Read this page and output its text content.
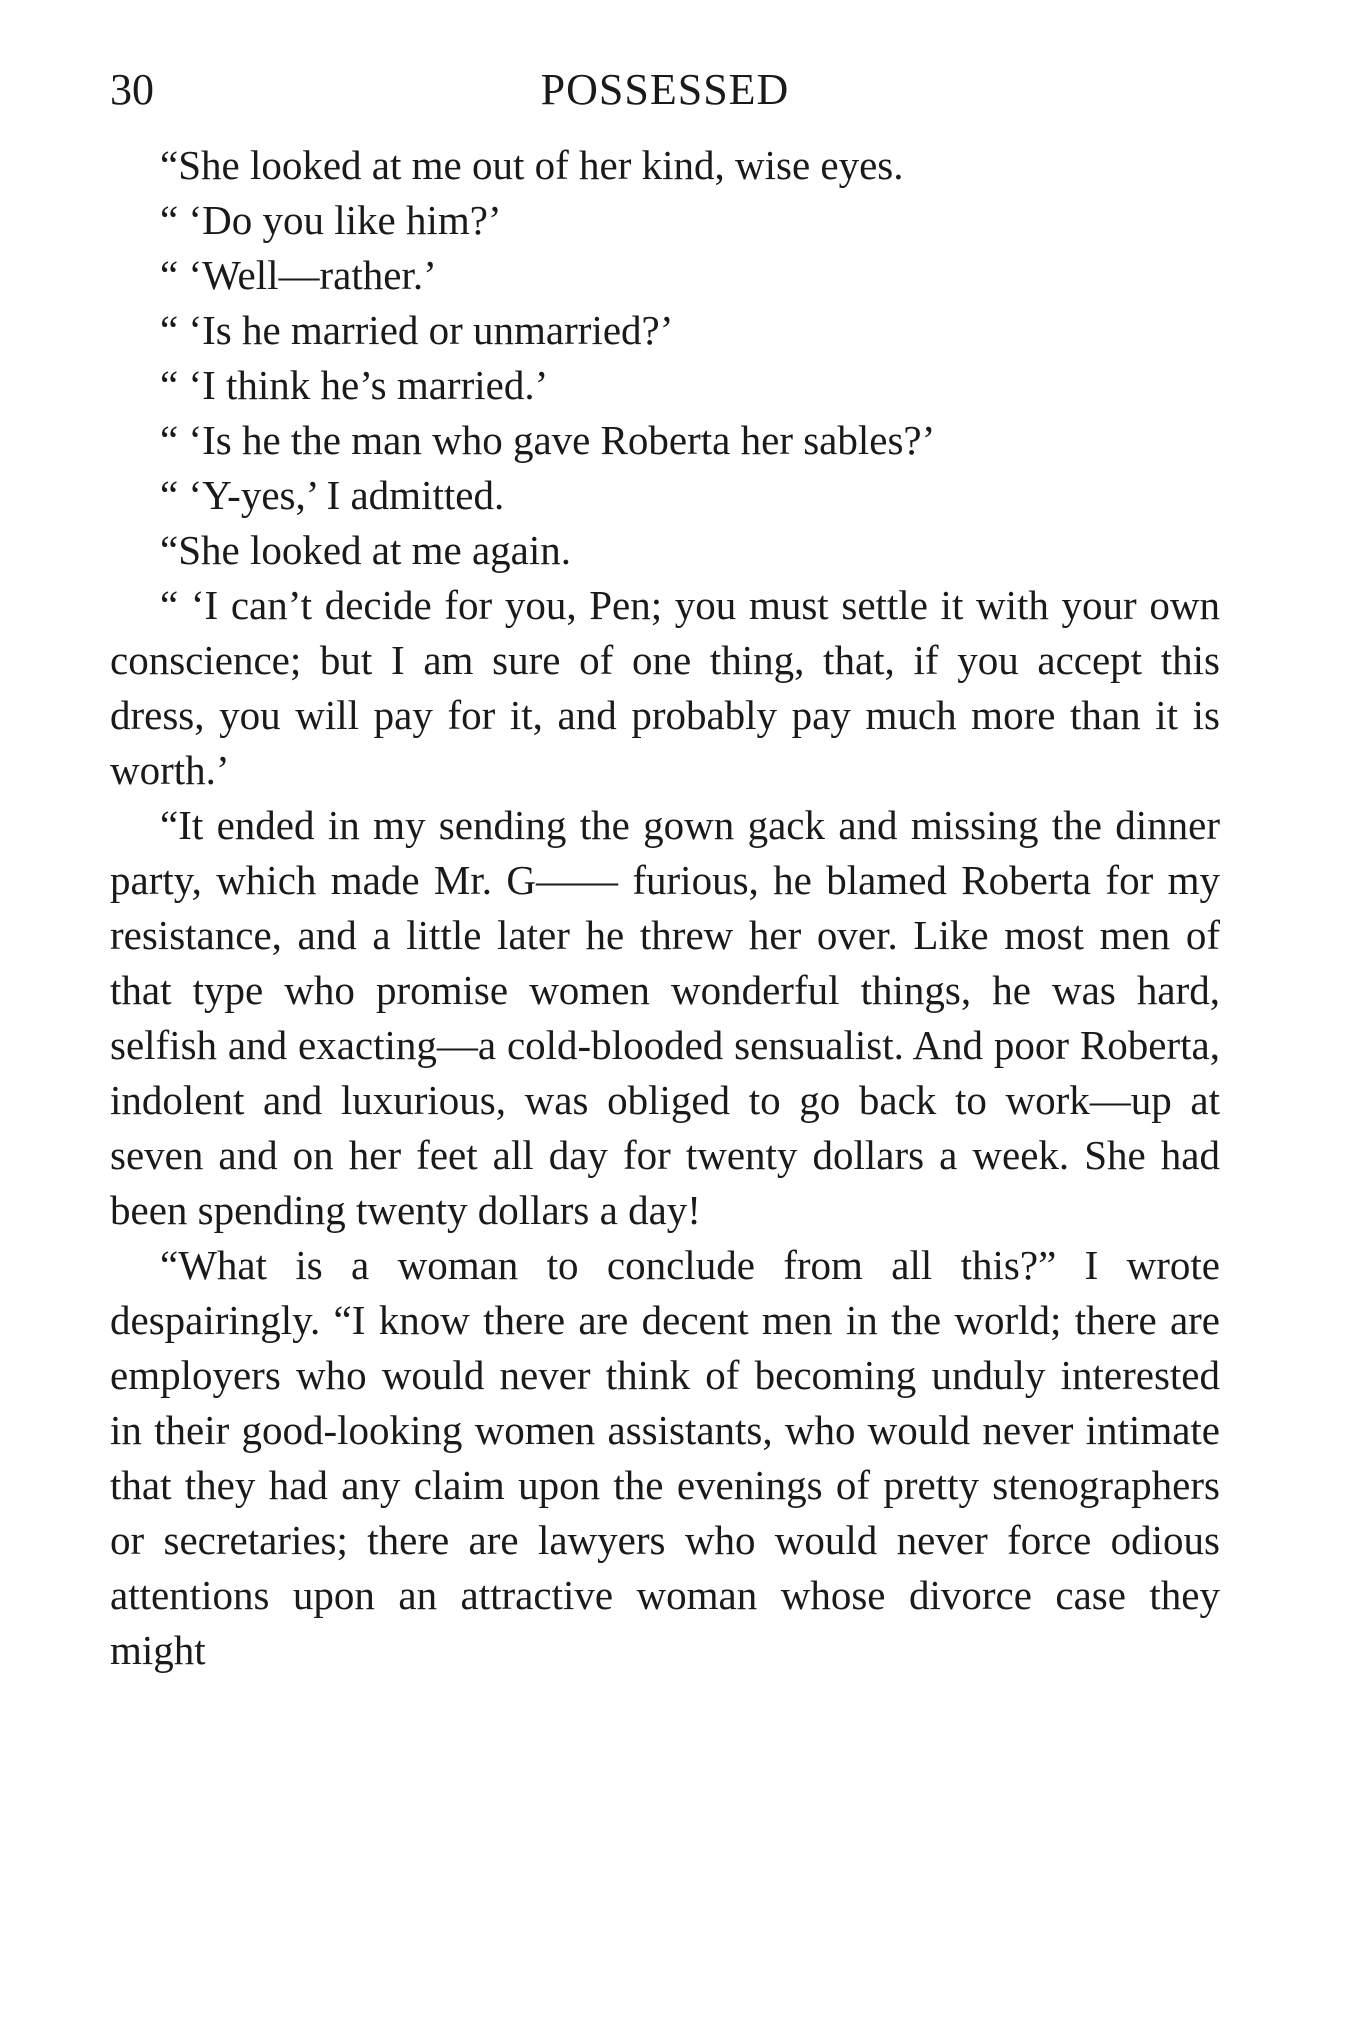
30	POSSESSED

“She looked at me out of her kind, wise eyes.

“ ‘Do you like him?’

“ ‘Well—rather.’

“ ‘Is he married or unmarried?’

“ ‘I think he’s married.’

“ ‘Is he the man who gave Roberta her sables?’

“ ‘Y-yes,’ I admitted.

“She looked at me again.

“ ‘I can’t decide for you, Pen; you must settle it with your own conscience; but I am sure of one thing, that, if you accept this dress, you will pay for it, and probably pay much more than it is worth.’

“It ended in my sending the gown gack and missing the dinner party, which made Mr. G—— furious, he blamed Roberta for my resistance, and a little later he threw her over. Like most men of that type who promise women wonderful things, he was hard, selfish and exacting—a cold-blooded sensualist. And poor Roberta, indolent and luxurious, was obliged to go back to work—up at seven and on her feet all day for twenty dollars a week. She had been spending twenty dollars a day!

“What is a woman to conclude from all this?” I wrote despairingly. “I know there are decent men in the world; there are employers who would never think of becoming unduly interested in their good-looking women assistants, who would never intimate that they had any claim upon the evenings of pretty stenographers or secretaries; there are lawyers who would never force odious attentions upon an attractive woman whose divorce case they might
